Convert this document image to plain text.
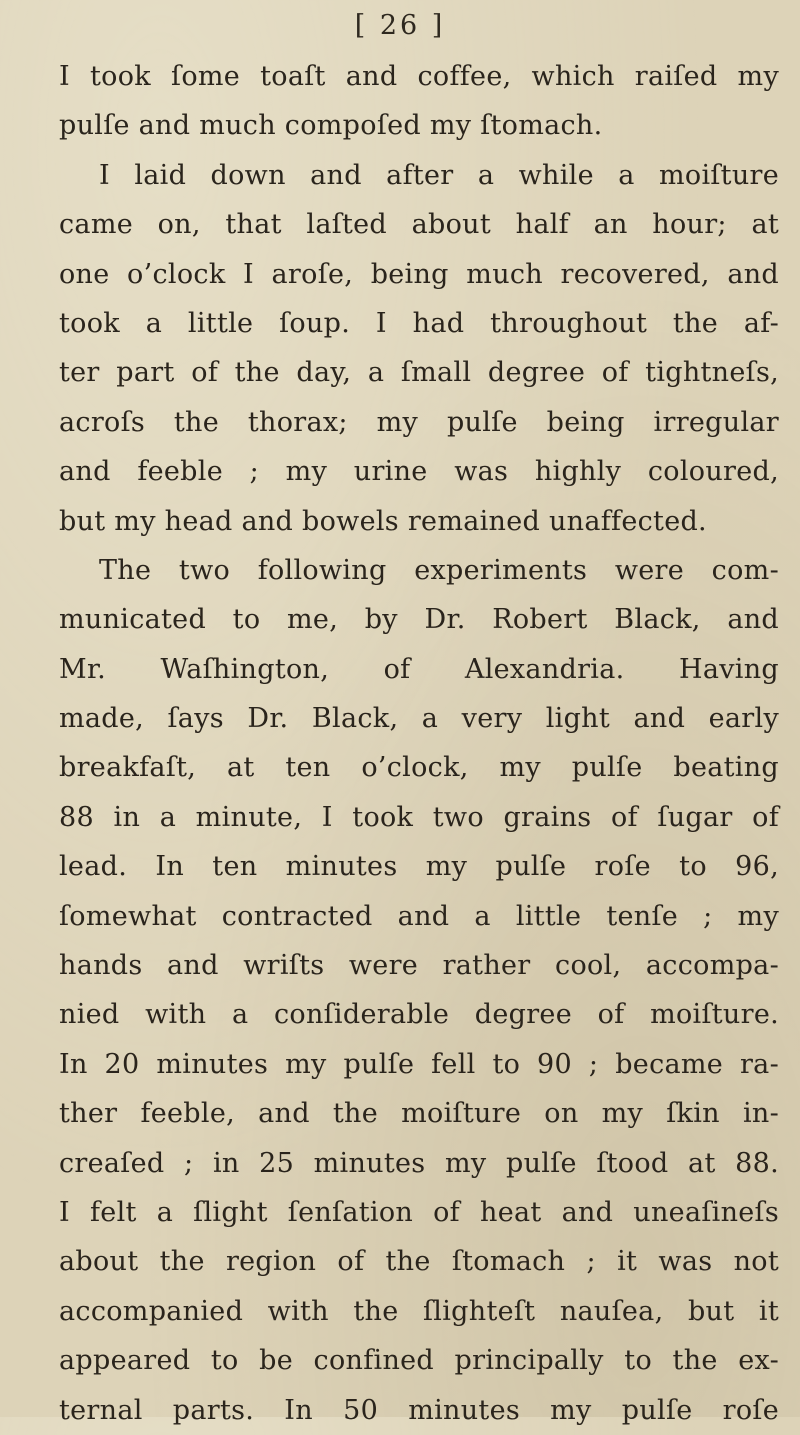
[ 26 ]
I took ſome toaſt and coffee, which raiſed my
pulſe and much compoſed my ſtomach.
I laid down and after a while a moiſture
came on, that laſted about half an hour; at
one o’clock I aroſe, being much recovered, and
took a little ſoup. I had throughout the af-
ter part of the day, a ſmall degree of tightneſs,
acroſs the thorax; my pulſe being irregular
and feeble ; my urine was highly coloured,
but my head and bowels remained unaffected.
The two following experiments were com-
municated to me, by Dr. Robert Black, and
Mr. Waſhington, of Alexandria. Having
made, ſays Dr. Black, a very light and early
breakfaſt, at ten o’clock, my pulſe beating
88 in a minute, I took two grains of ſugar of
lead. In ten minutes my pulſe roſe to 96,
ſomewhat contracted and a little tenſe ; my
hands and wriſts were rather cool, accompa-
nied with a conſiderable degree of moiſture.
In 20 minutes my pulſe fell to 90 ; became ra-
ther feeble, and the moiſture on my ſkin in-
creaſed ; in 25 minutes my pulſe ſtood at 88.
I felt a ſlight ſenſation of heat and uneaſineſs
about the region of the ſtomach ; it was not
accompanied with the ſlighteſt nauſea, but it
appeared to be confined principally to the ex-
ternal parts. In 50 minutes my pulſe roſe
